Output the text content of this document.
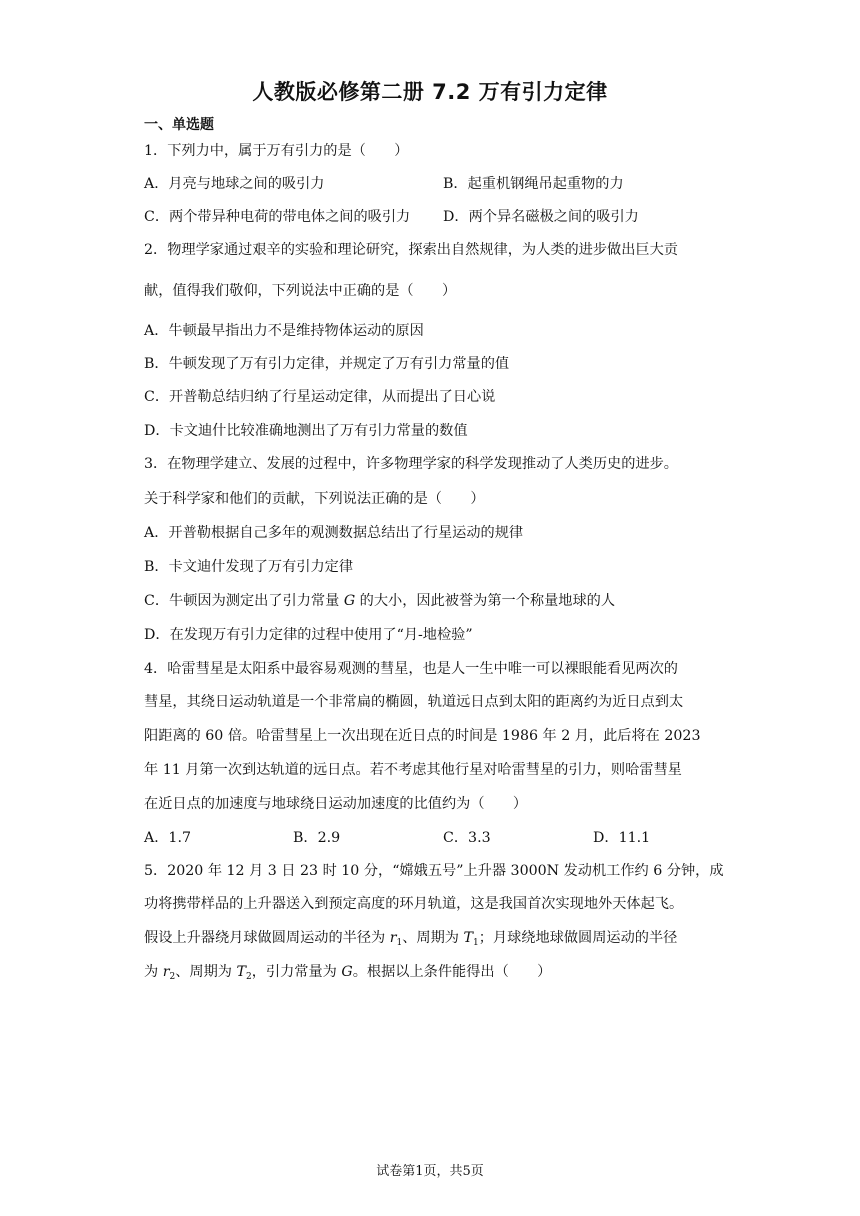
人教版必修第二册 7.2 万有引力定律
一、单选题
1．下列力中，属于万有引力的是（　　）
A．月亮与地球之间的吸引力	B．起重机钢绳吊起重物的力
C．两个带异种电荷的带电体之间的吸引力 D．两个异名磁极之间的吸引力
2．物理学家通过艰辛的实验和理论研究，探索出自然规律，为人类的进步做出巨大贡
献，值得我们敬仰，下列说法中正确的是（　　）
A．牛顿最早指出力不是维持物体运动的原因
B．牛顿发现了万有引力定律，并规定了万有引力常量的值
C．开普勒总结归纳了行星运动定律，从而提出了日心说
D．卡文迪什比较准确地测出了万有引力常量的数值
3．在物理学建立、发展的过程中，许多物理学家的科学发现推动了人类历史的进步。
关于科学家和他们的贡献，下列说法正确的是（　　）
A．开普勒根据自己多年的观测数据总结出了行星运动的规律
B．卡文迪什发现了万有引力定律
C．牛顿因为测定出了引力常量 G 的大小，因此被誉为第一个称量地球的人
D．在发现万有引力定律的过程中使用了“月-地检验”
4．哈雷彗星是太阳系中最容易观测的彗星，也是人一生中唯一可以裸眼能看见两次的
彗星，其绕日运动轨道是一个非常扁的椭圆，轨道远日点到太阳的距离约为近日点到太
阳距离的 60 倍。哈雷彗星上一次出现在近日点的时间是 1986 年 2 月，此后将在 2023
年 11 月第一次到达轨道的远日点。若不考虑其他行星对哈雷彗星的引力，则哈雷彗星
在近日点的加速度与地球绕日运动加速度的比值约为（　　）
A．1.7	B．2.9	C．3.3	D．11.1
5．2020 年 12 月 3 日 23 时 10 分，“嫦娥五号”上升器 3000N 发动机工作约 6 分钟，成
功将携带样品的上升器送入到预定高度的环月轨道，这是我国首次实现地外天体起飞。
假设上升器绕月球做圆周运动的半径为 $r_1$、周期为 $T_1$；月球绕地球做圆周运动的半径
为 $r_2$、周期为 $T_2$，引力常量为 G。根据以上条件能得出（　　）
试卷第1页，共5页
